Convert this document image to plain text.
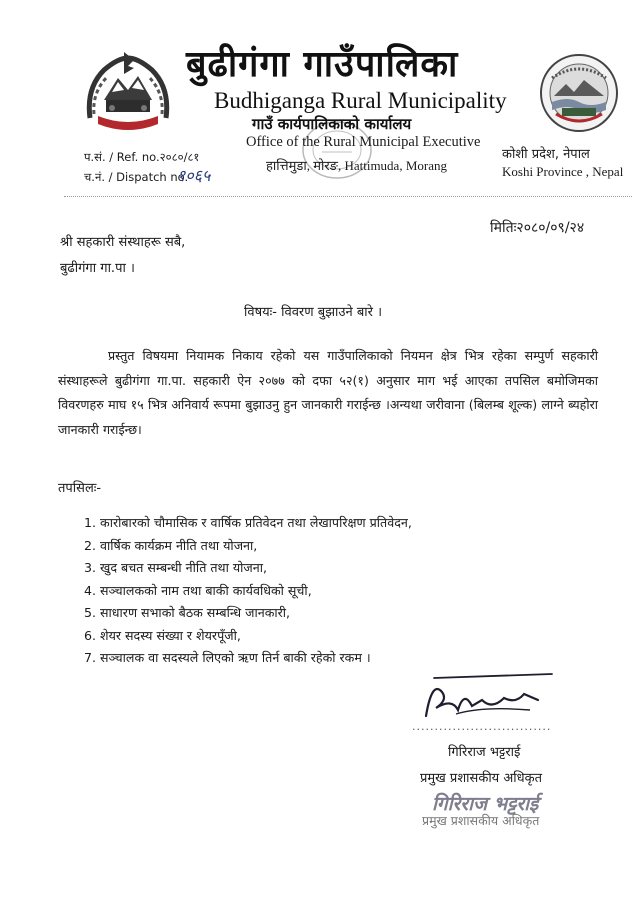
बुढीगंगा गाउँपालिका
Budhiganga Rural Municipality
गाउँ कार्यपालिकाको कार्यालय
Office of the Rural Municipal Executive
हात्तिमुडा, मोरङ, Hattimuda, Morang
कोशी प्रदेश, नेपाल
Koshi Province , Nepal
प.सं. / Ref. no.२०८०/८१
च.नं. / Dispatch no.
१०६५
मितिः२०८०/०९/२४
श्री सहकारी संस्थाहरू सबै,
बुढीगंगा गा.पा ।
विषयः- विवरण बुझाउने बारे ।
प्रस्तुत विषयमा नियामक निकाय रहेको यस गाउँपालिकाको नियमन क्षेत्र भित्र रहेका सम्पुर्ण सहकारी संस्थाहरूले बुढीगंगा गा.पा. सहकारी ऐन २०७७ को दफा ५२(१) अनुसार माग भई आएका तपसिल बमोजिमका विवरणहरु माघ १५ भित्र अनिवार्य रूपमा बुझाउनु हुन जानकारी गराईन्छ ।अन्यथा जरीवाना (बिलम्ब शूल्क) लाग्ने ब्यहोरा जानकारी गराईन्छ।
तपसिलः-
1. कारोबारको चौमासिक र वार्षिक प्रतिवेदन तथा लेखापरिक्षण प्रतिवेदन,
2. वार्षिक कार्यक्रम नीति तथा योजना,
3. खुद बचत सम्बन्धी नीति तथा योजना,
4. सञ्चालकको नाम तथा बाकी कार्यवधिको सूची,
5. साधारण सभाको बैठक सम्बन्धि जानकारी,
6. शेयर सदस्य संख्या र शेयरपूँजी,
7. सञ्चालक वा सदस्यले लिएको ऋण तिर्न बाकी रहेको रकम ।
...............................
गिरिराज भट्टराई
प्रमुख प्रशासकीय अधिकृत
गिरिराज भट्टराई
प्रमुख प्रशासकीय अधिकृत
